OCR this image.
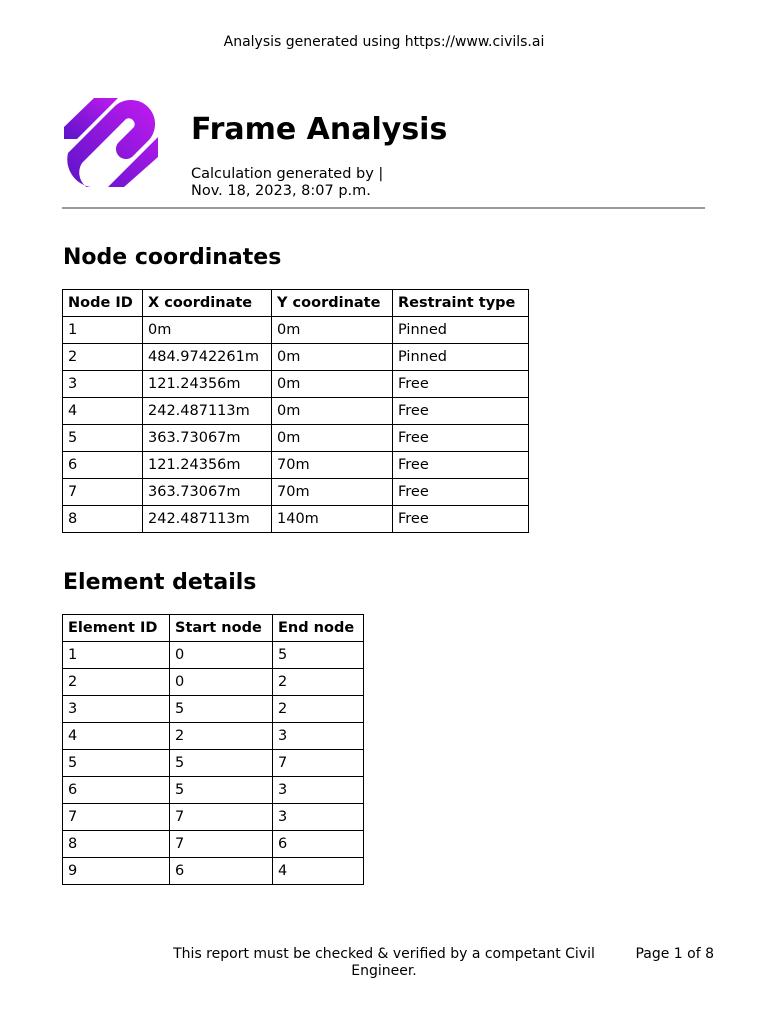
Analysis generated using https://www.civils.ai
Frame Analysis
Calculation generated by |
Nov. 18, 2023, 8:07 p.m.
Node coordinates
Node ID	X coordinate	Y coordinate	Restraint type
1	0m	0m	Pinned
2	484.9742261m	0m	Pinned
3	121.24356m	0m	Free
4	242.487113m	0m	Free
5	363.73067m	0m	Free
6	121.24356m	70m	Free
7	363.73067m	70m	Free
8	242.487113m	140m	Free
Element details
Element ID	Start node	End node
1	0	5
2	0	2
3	5	2
4	2	3
5	5	7
6	5	3
7	7	3
8	7	6
9	6	4
This report must be checked & verified by a competant Civil Engineer.
Page 1 of 8
